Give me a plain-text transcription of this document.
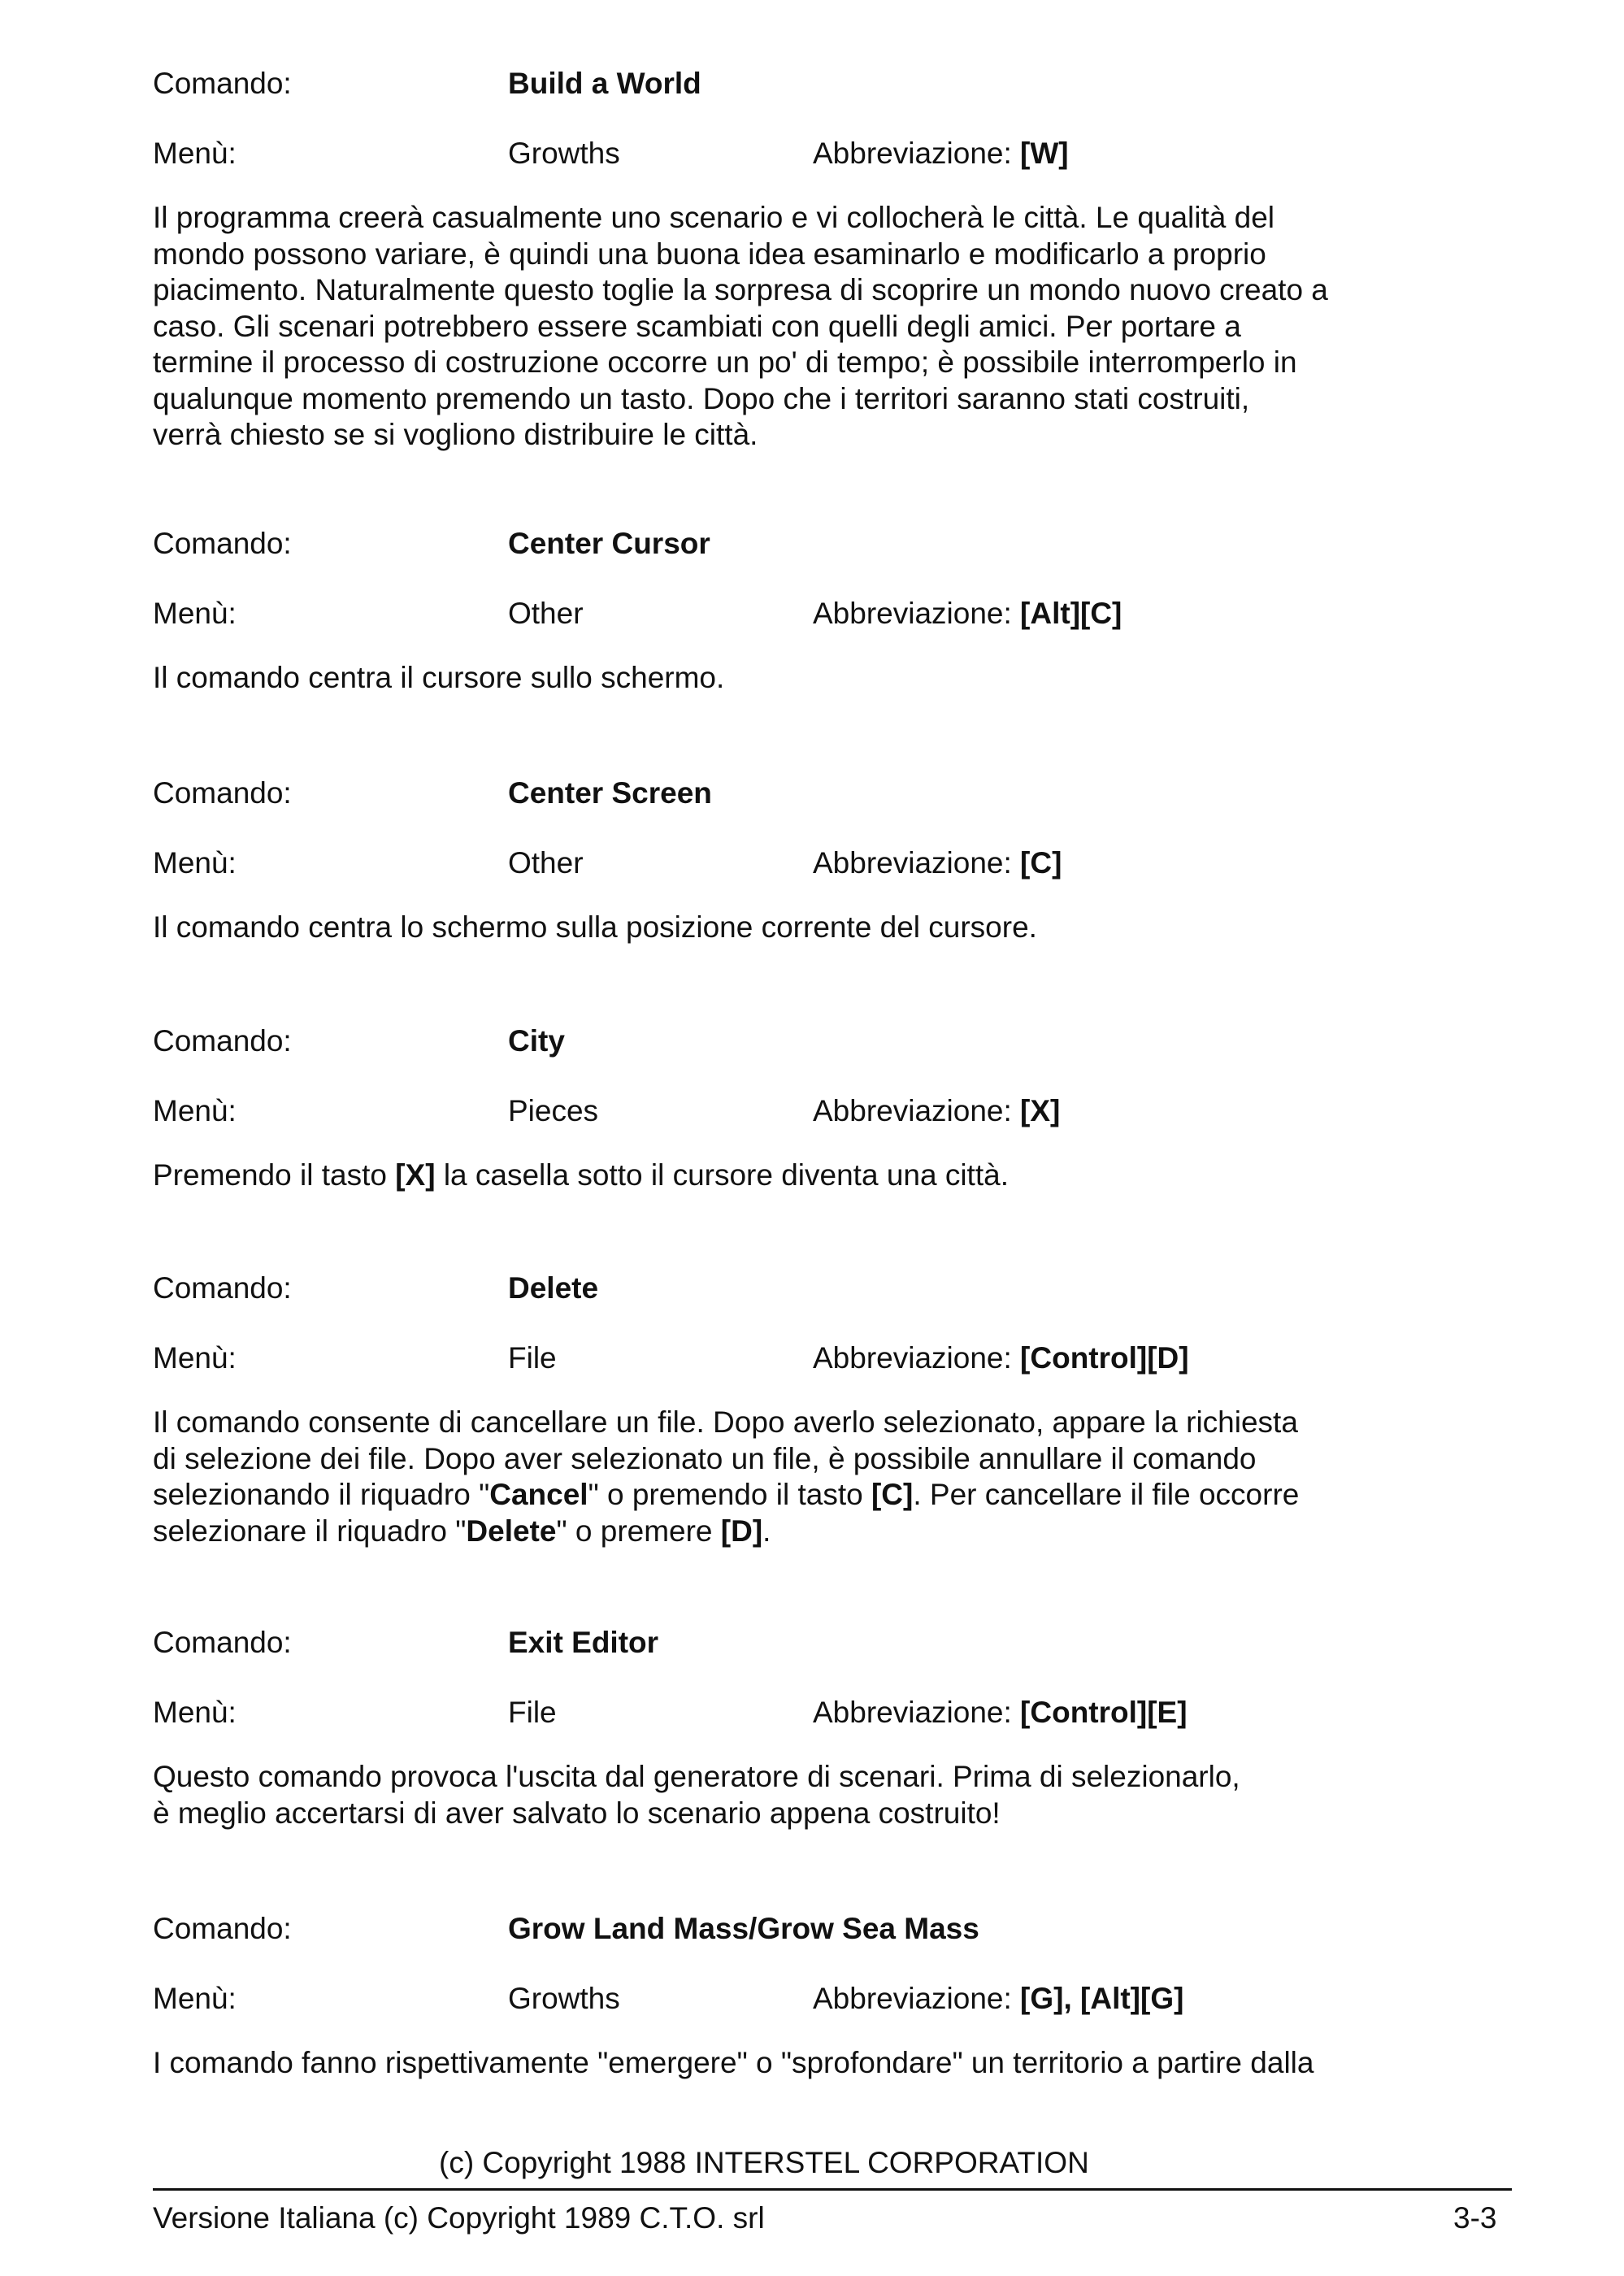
Comando:	Build a World
Menù:	Growths	Abbreviazione: [W]
Il programma creerà casualmente uno scenario e vi collocherà le città. Le qualità del
mondo possono variare, è quindi una buona idea esaminarlo e modificarlo a proprio
piacimento. Naturalmente questo toglie la sorpresa di scoprire un mondo nuovo creato a
caso. Gli scenari potrebbero essere scambiati con quelli degli amici. Per portare a
termine il processo di costruzione occorre un po' di tempo; è possibile interromperlo in
qualunque momento premendo un tasto. Dopo che i territori saranno stati costruiti,
verrà chiesto se si vogliono distribuire le città.
Comando:	Center Cursor
Menù:	Other	Abbreviazione: [Alt][C]
Il comando centra il cursore sullo schermo.
Comando:	Center Screen
Menù:	Other	Abbreviazione: [C]
Il comando centra lo schermo sulla posizione corrente del cursore.
Comando:	City
Menù:	Pieces	Abbreviazione: [X]
Premendo il tasto [X] la casella sotto il cursore diventa una città.
Comando:	Delete
Menù:	File	Abbreviazione: [Control][D]
Il comando consente di cancellare un file. Dopo averlo selezionato, appare la richiesta
di selezione dei file. Dopo aver selezionato un file, è possibile annullare il comando
selezionando il riquadro "Cancel" o premendo il tasto [C]. Per cancellare il file occorre
selezionare il riquadro "Delete" o premere [D].
Comando:	Exit Editor
Menù:	File	Abbreviazione: [Control][E]
Questo comando provoca l'uscita dal generatore di scenari. Prima di selezionarlo,
è meglio accertarsi di aver salvato lo scenario appena costruito!
Comando:	Grow Land Mass/Grow Sea Mass
Menù:	Growths	Abbreviazione: [G], [Alt][G]
I comando fanno rispettivamente "emergere" o "sprofondare" un territorio a partire dalla
(c) Copyright 1988 INTERSTEL CORPORATION
Versione Italiana (c) Copyright 1989 C.T.O. srl	3-3
